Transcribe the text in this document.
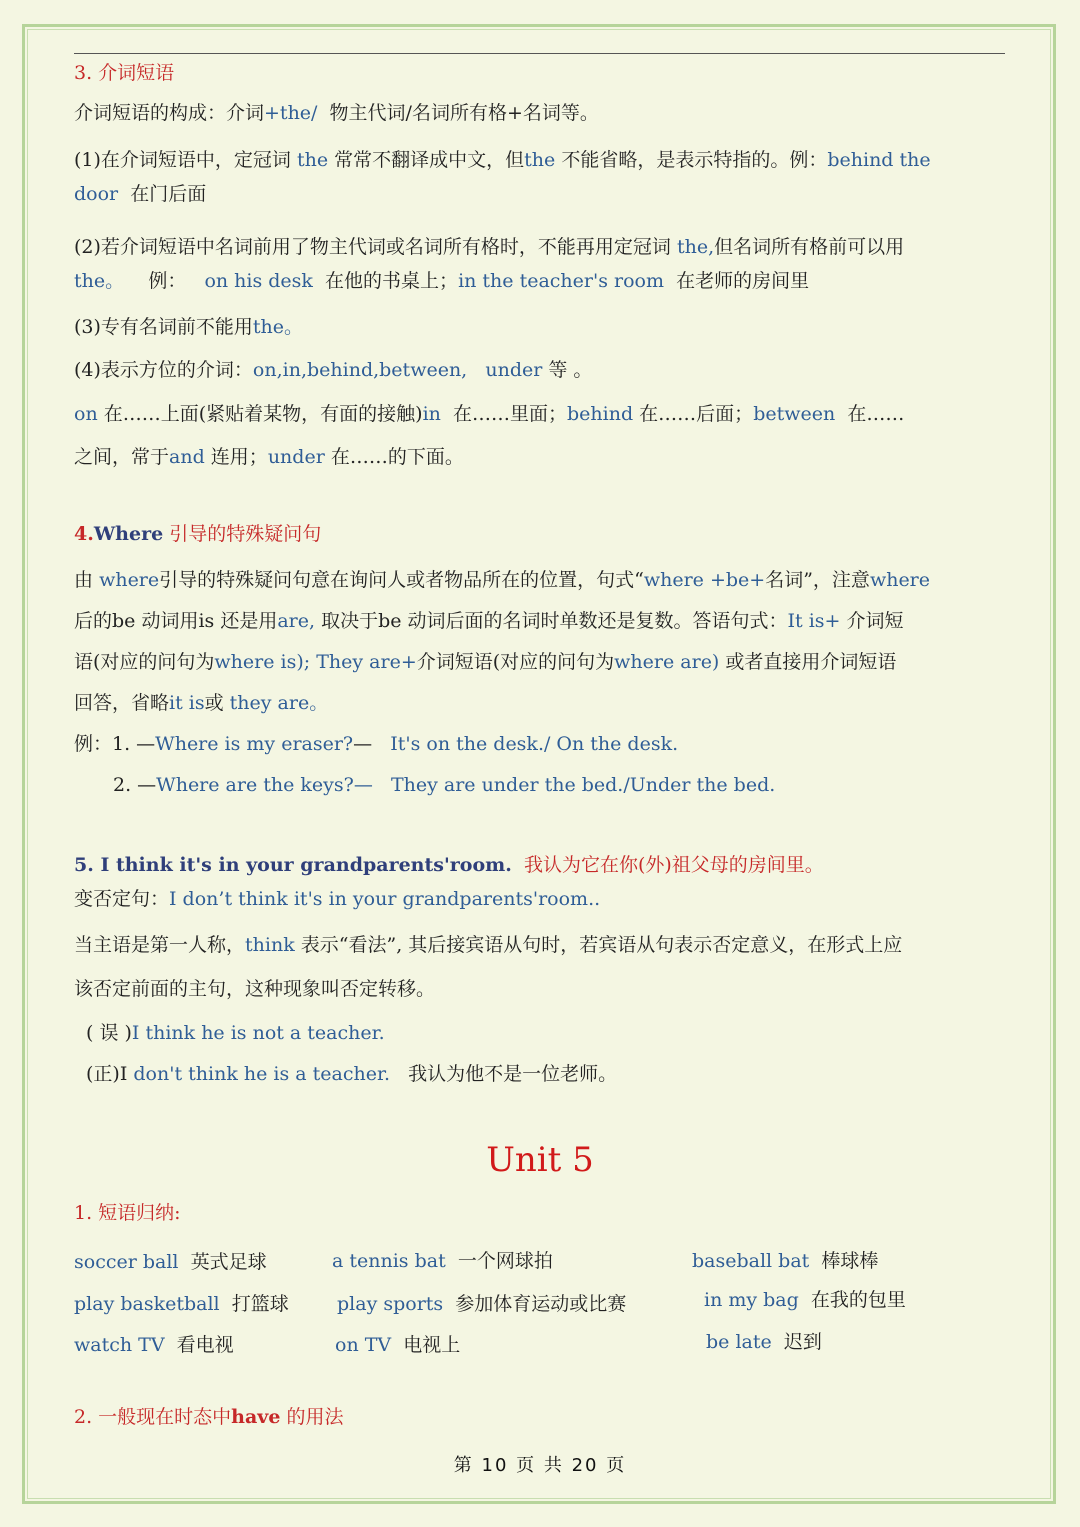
3. 介词短语
介词短语的构成：介词+the/ 物主代词/名词所有格+名词等。
(1)在介词短语中，定冠词 the 常常不翻译成中文，但the 不能省略，是表示特指的。例：behind the
door 在门后面
(2)若介词短语中名词前用了物主代词或名词所有格时，不能再用定冠词 the,但名词所有格前可以用
the。 例： on his desk 在他的书桌上；in the teacher's room 在老师的房间里
(3)专有名词前不能用the。
(4)表示方位的介词：on,in,behind,between, under 等 。
on 在……上面(紧贴着某物，有面的接触)in 在……里面；behind 在……后面；between 在……
之间，常于and 连用；under 在……的下面。
4.Where 引导的特殊疑问句
由 where引导的特殊疑问句意在询问人或者物品所在的位置，句式“where +be+名词”，注意where
后的be 动词用is 还是用are, 取决于be 动词后面的名词时单数还是复数。答语句式：It is+ 介词短
语(对应的问句为where is); They are+介词短语(对应的问句为where are) 或者直接用介词短语
回答，省略it is或 they are。
例：1. —Where is my eraser?— It's on the desk./ On the desk.
2. —Where are the keys?— They are under the bed./Under the bed.
5. I think it's in your grandparents'room. 我认为它在你(外)祖父母的房间里。
变否定句：I don’t think it's in your grandparents'room..
当主语是第一人称，think 表示“看法”, 其后接宾语从句时，若宾语从句表示否定意义，在形式上应
该否定前面的主句，这种现象叫否定转移。
( 误 )I think he is not a teacher.
(正)I don't think he is a teacher. 我认为他不是一位老师。
Unit 5
1. 短语归纳:
soccer ball 英式足球	a tennis bat 一个网球拍	baseball bat 棒球棒
play basketball 打篮球	play sports 参加体育运动或比赛	in my bag 在我的包里
watch TV 看电视	on TV 电视上	be late 迟到
2. 一般现在时态中have 的用法
第 10 页 共 20 页
